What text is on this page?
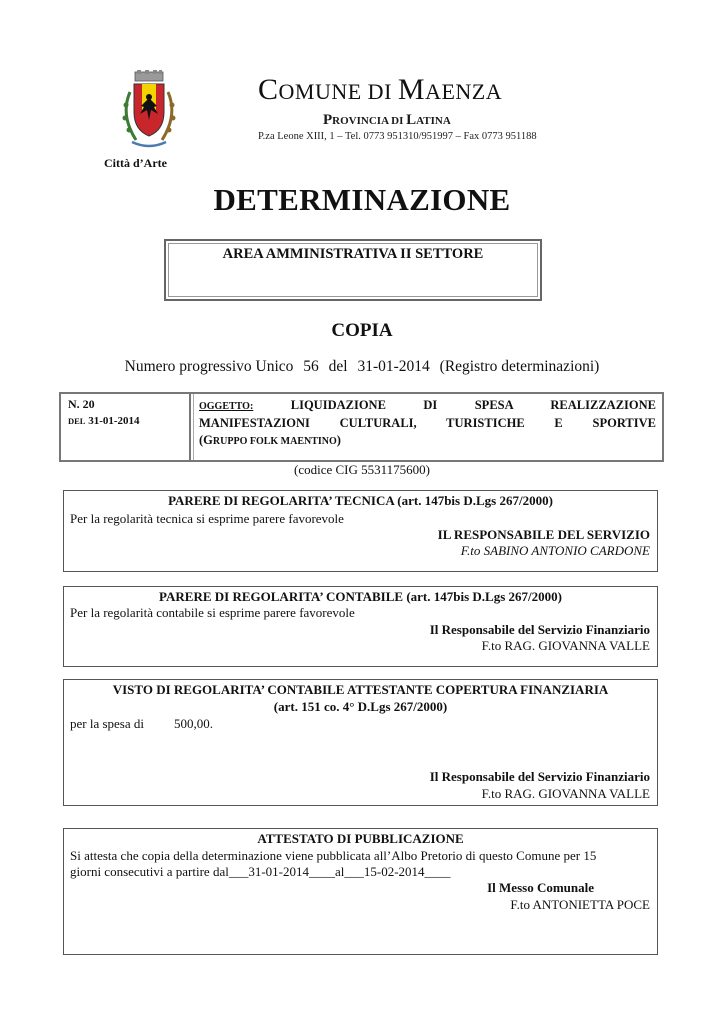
Città d’Arte
COMUNE DI MAENZA
PROVINCIA DI LATINA
P.za Leone XIII, 1 – Tel. 0773 951310/951997 – Fax 0773 951188
DETERMINAZIONE
AREA AMMINISTRATIVA II SETTORE
COPIA
Numero progressivo Unico 56 del 31-01-2014 (Registro determinazioni)
N. 20
DEL 31-01-2014
OGGETTO:	LIQUIDAZIONE DI SPESA REALIZZAZIONE
MANIFESTAZIONI CULTURALI, TURISTICHE E SPORTIVE
(GRUPPO FOLK MAENTINO)
(codice CIG 5531175600)
PARERE DI REGOLARITA’ TECNICA (art. 147bis D.Lgs 267/2000)
Per la regolarità tecnica si esprime parere favorevole
IL RESPONSABILE DEL SERVIZIO
F.to SABINO ANTONIO CARDONE
PARERE DI REGOLARITA’ CONTABILE (art. 147bis D.Lgs 267/2000)
Per la regolarità contabile si esprime parere favorevole
Il Responsabile del Servizio Finanziario
F.to RAG. GIOVANNA VALLE
VISTO DI REGOLARITA’ CONTABILE ATTESTANTE COPERTURA FINANZIARIA
(art. 151 co. 4° D.Lgs 267/2000)
per la spesa di 500,00.
Il Responsabile del Servizio Finanziario
F.to RAG. GIOVANNA VALLE
ATTESTATO DI PUBBLICAZIONE
Si attesta che copia della determinazione viene pubblicata all’Albo Pretorio di questo Comune per 15
giorni consecutivi a partire dal___31-01-2014____al___15-02-2014____
Il Messo Comunale
F.to ANTONIETTA POCE
